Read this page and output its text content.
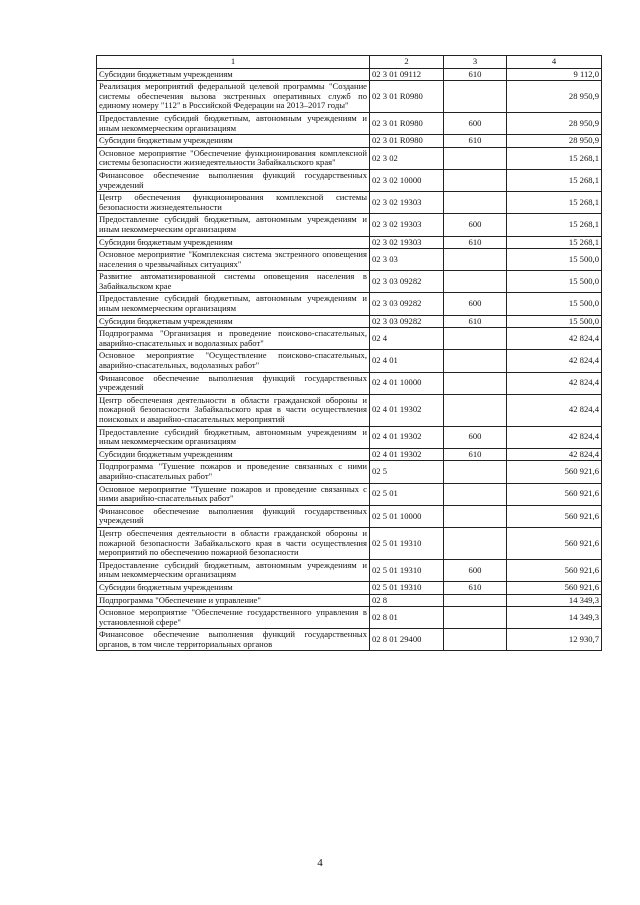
1	2	3	4
Субсидии бюджетным учреждениям	02 3 01 09112	610	9 112,0
Реализация мероприятий федеральной целевой программы "Создание системы обеспечения вызова экстренных оперативных служб по единому номеру "112" в Российской Федерации на 2013–2017 годы"	02 3 01 R0980		28 950,9
Предоставление субсидий бюджетным, автономным учреждениям и иным некоммерческим организациям	02 3 01 R0980	600	28 950,9
Субсидии бюджетным учреждениям	02 3 01 R0980	610	28 950,9
Основное мероприятие "Обеспечение функционирования комплексной системы безопасности жизнедеятельности Забайкальского края"	02 3 02		15 268,1
Финансовое обеспечение выполнения функций государственных учреждений	02 3 02 10000		15 268,1
Центр обеспечения функционирования комплексной системы безопасности жизнедеятельности	02 3 02 19303		15 268,1
Предоставление субсидий бюджетным, автономным учреждениям и иным некоммерческим организациям	02 3 02 19303	600	15 268,1
Субсидии бюджетным учреждениям	02 3 02 19303	610	15 268,1
Основное мероприятие "Комплексная система экстренного оповещения населения о чрезвычайных ситуациях"	02 3 03		15 500,0
Развитие автоматизированной системы оповещения населения в Забайкальском крае	02 3 03 09282		15 500,0
Предоставление субсидий бюджетным, автономным учреждениям и иным некоммерческим организациям	02 3 03 09282	600	15 500,0
Субсидии бюджетным учреждениям	02 3 03 09282	610	15 500,0
Подпрограмма "Организация и проведение поисково-спасательных, аварийно-спасательных и водолазных работ"	02 4		42 824,4
Основное мероприятие "Осуществление поисково-спасательных, аварийно-спасательных, водолазных работ"	02 4 01		42 824,4
Финансовое обеспечение выполнения функций государственных учреждений	02 4 01 10000		42 824,4
Центр обеспечения деятельности в области гражданской обороны и пожарной безопасности Забайкальского края в части осуществления поисковых и аварийно-спасательных мероприятий	02 4 01 19302		42 824,4
Предоставление субсидий бюджетным, автономным учреждениям и иным некоммерческим организациям	02 4 01 19302	600	42 824,4
Субсидии бюджетным учреждениям	02 4 01 19302	610	42 824,4
Подпрограмма "Тушение пожаров и проведение связанных с ними аварийно-спасательных работ"	02 5		560 921,6
Основное мероприятие "Тушение пожаров и проведение связанных с ними аварийно-спасательных работ"	02 5 01		560 921,6
Финансовое обеспечение выполнения функций государственных учреждений	02 5 01 10000		560 921,6
Центр обеспечения деятельности в области гражданской обороны и пожарной безопасности Забайкальского края в части осуществления мероприятий по обеспечению пожарной безопасности	02 5 01 19310		560 921,6
Предоставление субсидий бюджетным, автономным учреждениям и иным некоммерческим организациям	02 5 01 19310	600	560 921,6
Субсидии бюджетным учреждениям	02 5 01 19310	610	560 921,6
Подпрограмма "Обеспечение и управление"	02 8		14 349,3
Основное мероприятие "Обеспечение государственного управления в установленной сфере"	02 8 01		14 349,3
Финансовое обеспечение выполнения функций государственных органов, в том числе территориальных органов	02 8 01 29400		12 930,7
4
